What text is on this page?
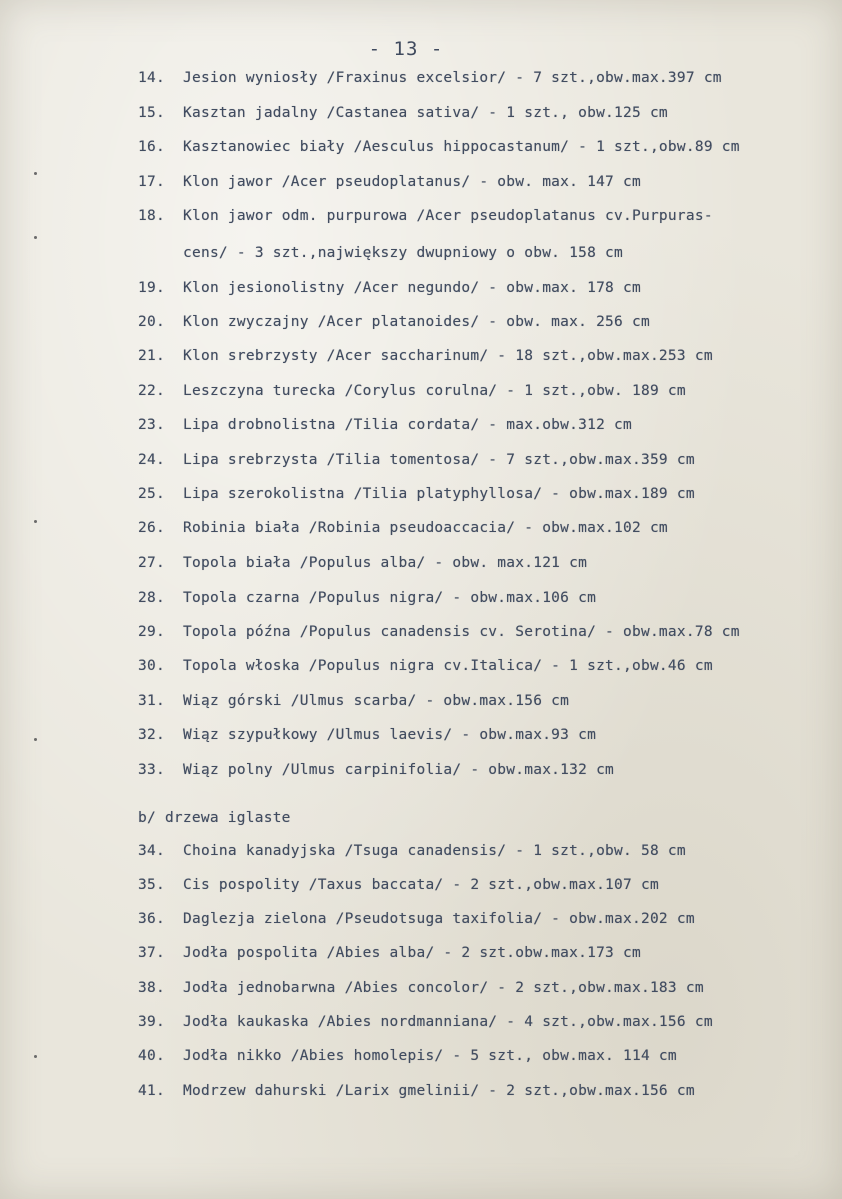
- 13 -
14.	Jesion wyniosły /Fraxinus excelsior/ - 7 szt.,obw.max.397 cm
15.	Kasztan jadalny /Castanea sativa/ - 1 szt., obw.125 cm
16.	Kasztanowiec biały /Aesculus hippocastanum/ - 1 szt.,obw.89 cm
17.	Klon jawor /Acer pseudoplatanus/ - obw. max. 147 cm
18.	Klon jawor odm. purpurowa /Acer pseudoplatanus cv.Purpuras-
cens/ - 3 szt.,największy dwupniowy o obw. 158 cm
19.	Klon jesionolistny /Acer negundo/ - obw.max. 178 cm
20.	Klon zwyczajny /Acer platanoides/ - obw. max. 256 cm
21.	Klon srebrzysty /Acer saccharinum/ - 18 szt.,obw.max.253 cm
22.	Leszczyna turecka /Corylus corulna/ - 1 szt.,obw. 189 cm
23.	Lipa drobnolistna /Tilia cordata/ - max.obw.312 cm
24.	Lipa srebrzysta /Tilia tomentosa/ - 7 szt.,obw.max.359 cm
25.	Lipa szerokolistna /Tilia platyphyllosa/ - obw.max.189 cm
26.	Robinia biała /Robinia pseudoaccacia/ - obw.max.102 cm
27.	Topola biała /Populus alba/ - obw. max.121 cm
28.	Topola czarna /Populus nigra/ - obw.max.106 cm
29.	Topola późna /Populus canadensis cv. Serotina/ - obw.max.78 cm
30.	Topola włoska /Populus nigra cv.Italica/ - 1 szt.,obw.46 cm
31.	Wiąz górski /Ulmus scarba/ - obw.max.156 cm
32.	Wiąz szypułkowy /Ulmus laevis/ - obw.max.93 cm
33.	Wiąz polny /Ulmus carpinifolia/ - obw.max.132 cm
b/ drzewa iglaste
34.	Choina kanadyjska /Tsuga canadensis/ - 1 szt.,obw. 58 cm
35.	Cis pospolity /Taxus baccata/ - 2 szt.,obw.max.107 cm
36.	Daglezja zielona /Pseudotsuga taxifolia/ - obw.max.202 cm
37.	Jodła pospolita /Abies alba/ - 2 szt.obw.max.173 cm
38.	Jodła jednobarwna /Abies concolor/ - 2 szt.,obw.max.183 cm
39.	Jodła kaukaska /Abies nordmanniana/ - 4 szt.,obw.max.156 cm
40.	Jodła nikko /Abies homolepis/ - 5 szt., obw.max. 114 cm
41.	Modrzew dahurski /Larix gmelinii/ - 2 szt.,obw.max.156 cm
